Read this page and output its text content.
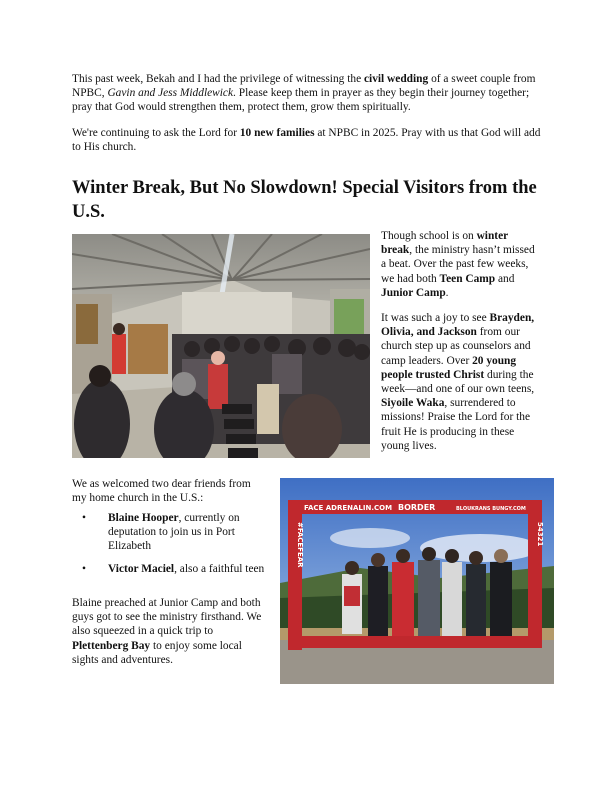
This past week, Bekah and I had the privilege of witnessing the civil wedding of a sweet couple from NPBC, Gavin and Jess Middlewick. Please keep them in prayer as they begin their journey together; pray that God would strengthen them, protect them, grow them spiritually.

We're continuing to ask the Lord for 10 new families at NPBC in 2025. Pray with us that God will add to His church.

Winter Break, But No Slowdown! Special Visitors from the U.S.

Though school is on winter break, the ministry hasn’t missed a beat. Over the past few weeks, we had both Teen Camp and Junior Camp.

It was such a joy to see Brayden, Olivia, and Jackson from our church step up as counselors and camp leaders. Over 20 young people trusted Christ during the week—and one of our own teens, Siyoile Waka, surrendered to missions! Praise the Lord for the fruit He is producing in these young lives.

We as welcomed two dear friends from my home church in the U.S.:

• Blaine Hooper, currently on deputation to join us in Port Elizabeth
• Victor Maciel, also a faithful teen

Blaine preached at Junior Camp and both guys got to see the ministry firsthand. We also squeezed in a quick trip to Plettenberg Bay to enjoy some local sights and adventures.

FACE ADRENALIN.COM BORDER	BLOUKRANS BUNGY.COM
#FACEFEAR	54321
